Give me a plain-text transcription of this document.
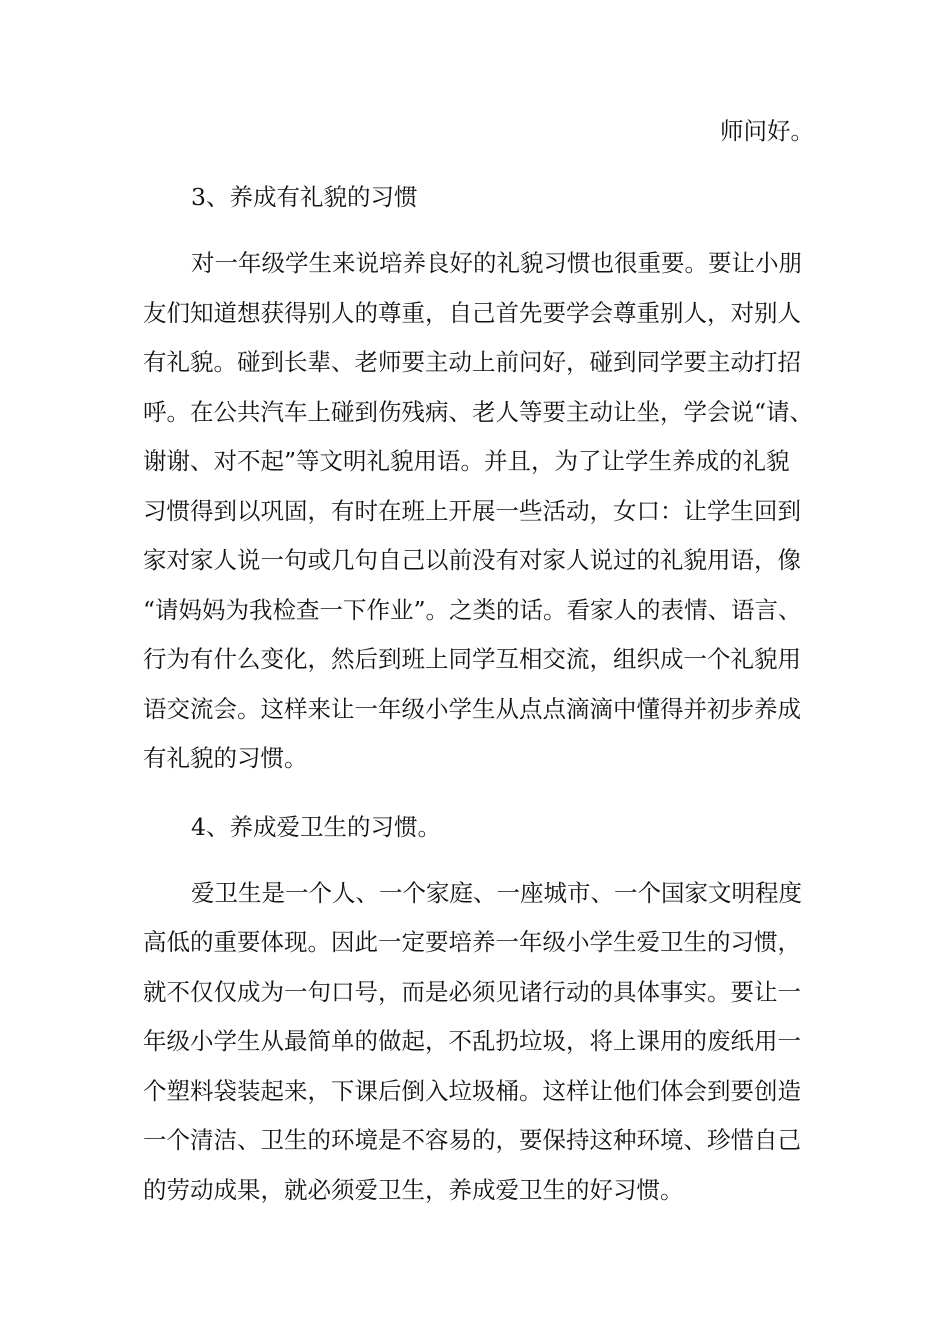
师问好。

3、养成有礼貌的习惯

对一年级学生来说培养良好的礼貌习惯也很重要。要让小朋

友们知道想获得别人的尊重，自己首先要学会尊重别人，对别人

有礼貌。碰到长辈、老师要主动上前问好，碰到同学要主动打招

呼。在公共汽车上碰到伤残病、老人等要主动让坐，学会说“请、

谢谢、对不起”等文明礼貌用语。并且，为了让学生养成的礼貌

习惯得到以巩固，有时在班上开展一些活动，女口：让学生回到

家对家人说一句或几句自己以前没有对家人说过的礼貌用语，像

“请妈妈为我检查一下作业”。之类的话。看家人的表情、语言、

行为有什么变化，然后到班上同学互相交流，组织成一个礼貌用

语交流会。这样来让一年级小学生从点点滴滴中懂得并初步养成

有礼貌的习惯。

4、养成爱卫生的习惯。

爱卫生是一个人、一个家庭、一座城市、一个国家文明程度

高低的重要体现。因此一定要培养一年级小学生爱卫生的习惯，

就不仅仅成为一句口号，而是必须见诸行动的具体事实。要让一

年级小学生从最简单的做起，不乱扔垃圾，将上课用的废纸用一

个塑料袋装起来，下课后倒入垃圾桶。这样让他们体会到要创造

一个清洁、卫生的环境是不容易的，要保持这种环境、珍惜自己

的劳动成果，就必须爱卫生，养成爱卫生的好习惯。
